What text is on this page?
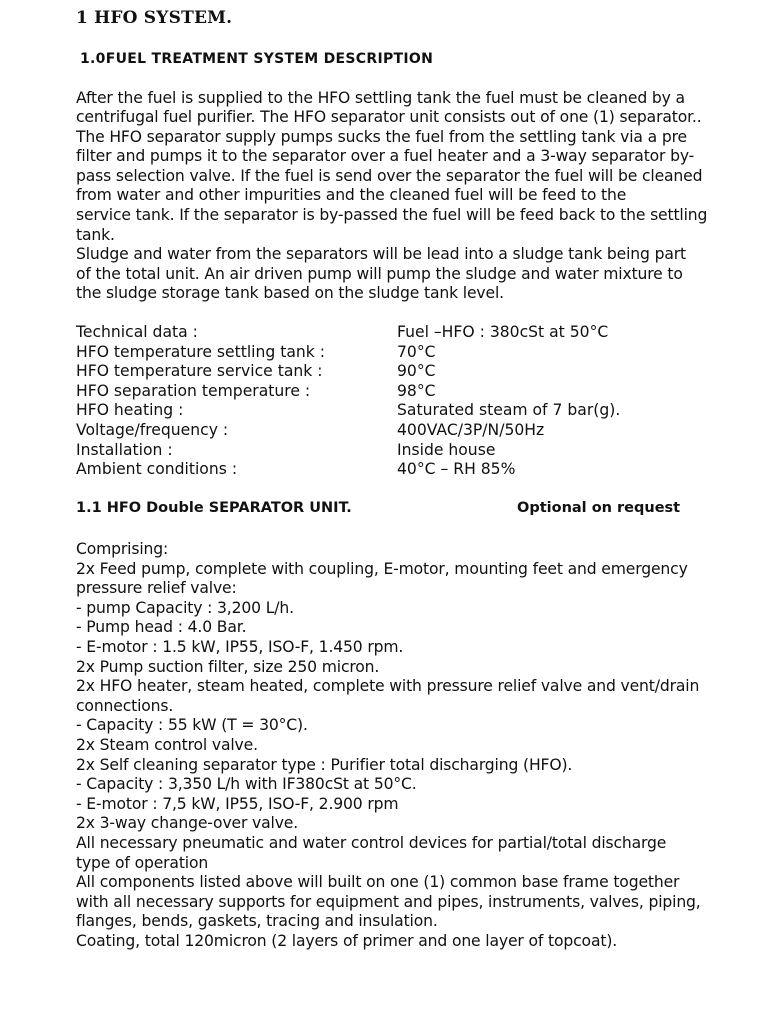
1 HFO SYSTEM.
1.0FUEL TREATMENT SYSTEM DESCRIPTION
After the fuel is supplied to the HFO settling tank the fuel must be cleaned by a
centrifugal fuel purifier. The HFO separator unit consists out of one (1) separator..
The HFO separator supply pumps sucks the fuel from the settling tank via a pre
filter and pumps it to the separator over a fuel heater and a 3-way separator by-
pass selection valve. If the fuel is send over the separator the fuel will be cleaned
from water and other impurities and the cleaned fuel will be feed to the
service tank. If the separator is by-passed the fuel will be feed back to the settling
tank.
Sludge and water from the separators will be lead into a sludge tank being part
of the total unit. An air driven pump will pump the sludge and water mixture to
the sludge storage tank based on the sludge tank level.
Technical data :	Fuel –HFO : 380cSt at 50°C
HFO temperature settling tank :	70°C
HFO temperature service tank :	90°C
HFO separation temperature :	98°C
HFO heating :	Saturated steam of 7 bar(g).
Voltage/frequency :	400VAC/3P/N/50Hz
Installation :	Inside house
Ambient conditions :	40°C – RH 85%
1.1 HFO Double SEPARATOR UNIT.	Optional on request
Comprising:
2x Feed pump, complete with coupling, E-motor, mounting feet and emergency
pressure relief valve:
- pump Capacity : 3,200 L/h.
- Pump head : 4.0 Bar.
- E-motor : 1.5 kW, IP55, ISO-F, 1.450 rpm.
2x Pump suction filter, size 250 micron.
2x HFO heater, steam heated, complete with pressure relief valve and vent/drain
connections.
- Capacity : 55 kW (T = 30°C).
2x Steam control valve.
2x Self cleaning separator type : Purifier total discharging (HFO).
- Capacity : 3,350 L/h with IF380cSt at 50°C.
- E-motor : 7,5 kW, IP55, ISO-F, 2.900 rpm
2x 3-way change-over valve.
All necessary pneumatic and water control devices for partial/total discharge
type of operation
All components listed above will built on one (1) common base frame together
with all necessary supports for equipment and pipes, instruments, valves, piping,
flanges, bends, gaskets, tracing and insulation.
Coating, total 120micron (2 layers of primer and one layer of topcoat).
